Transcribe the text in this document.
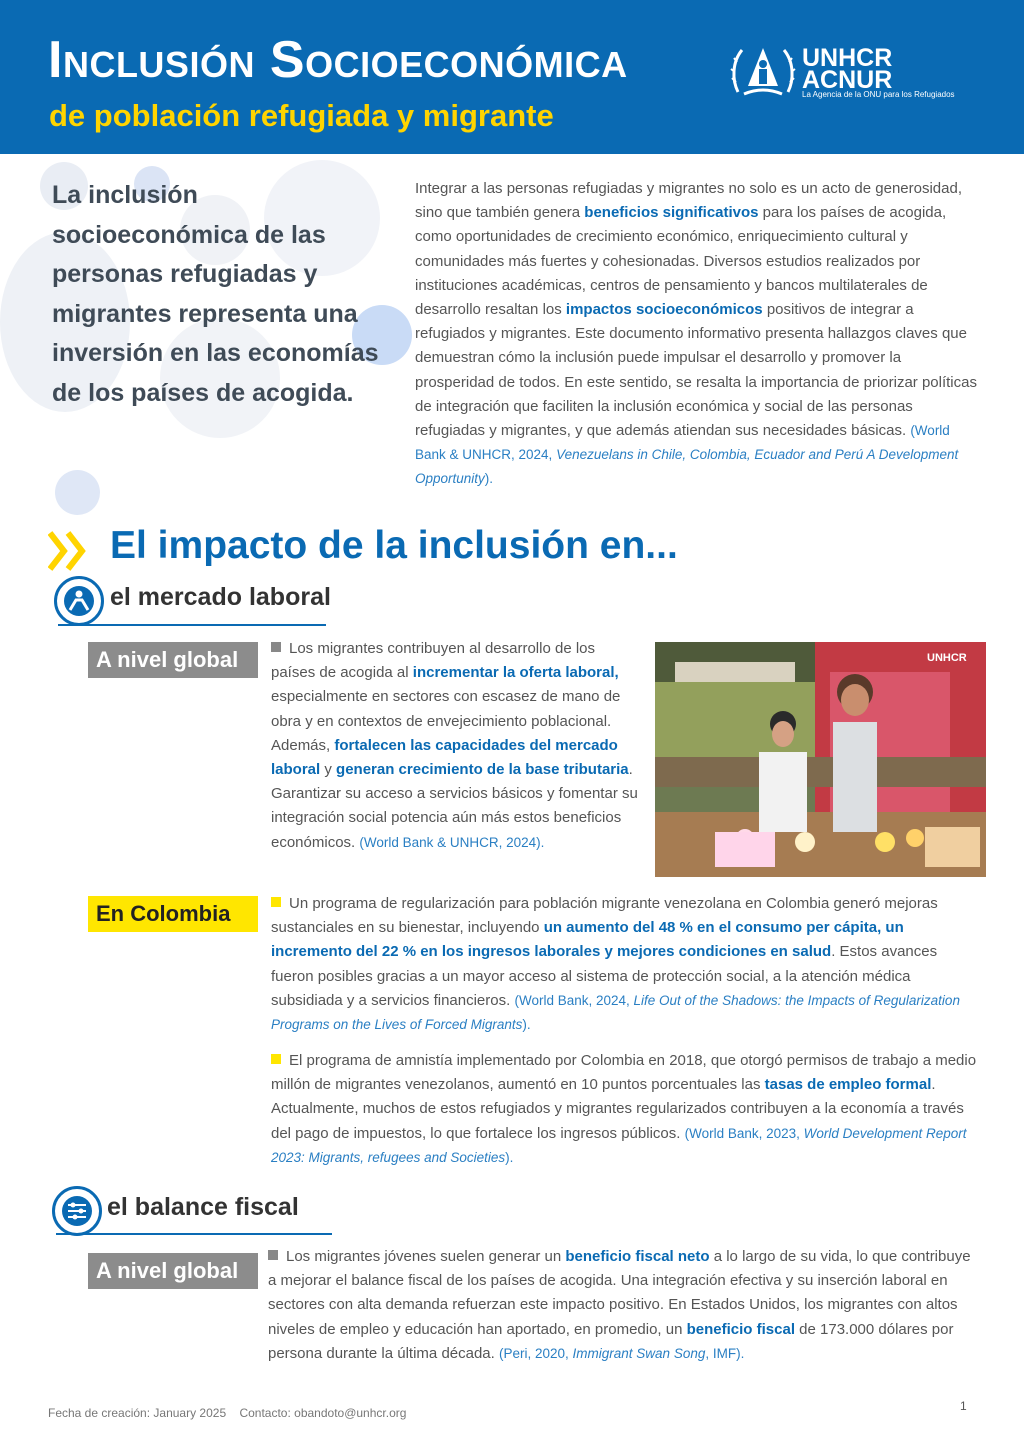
Inclusión Socioeconómica
de población refugiada y migrante
UNHCR
ACNUR
La Agencia de la ONU para los Refugiados
La inclusión socioeconómica de las personas refugiadas y migrantes representa una inversión en las economías de los países de acogida.
Integrar a las personas refugiadas y migrantes no solo es un acto de generosidad, sino que también genera beneficios significativos para los países de acogida, como oportunidades de crecimiento económico, enriquecimiento cultural y comunidades más fuertes y cohesionadas. Diversos estudios realizados por instituciones académicas, centros de pensamiento y bancos multilaterales de desarrollo resaltan los impactos socioeconómicos positivos de integrar a refugiados y migrantes. Este documento informativo presenta hallazgos claves que demuestran cómo la inclusión puede impulsar el desarrollo y promover la prosperidad de todos. En este sentido, se resalta la importancia de priorizar políticas de integración que faciliten la inclusión económica y social de las personas refugiadas y migrantes, y que además atiendan sus necesidades básicas. (World Bank & UNHCR, 2024, Venezuelans in Chile, Colombia, Ecuador and Perú A Development Opportunity).
El impacto de la inclusión en...
el mercado laboral
A nivel global	Los migrantes contribuyen al desarrollo de los países de acogida al incrementar la oferta laboral, especialmente en sectores con escasez de mano de obra y en contextos de envejecimiento poblacional. Además, fortalecen las capacidades del mercado laboral y generan crecimiento de la base tributaria. Garantizar su acceso a servicios básicos y fomentar su integración social potencia aún más estos beneficios económicos. (World Bank & UNHCR, 2024).
UNHCR
En Colombia	Un programa de regularización para población migrante venezolana en Colombia generó mejoras sustanciales en su bienestar, incluyendo un aumento del 48 % en el consumo per cápita, un incremento del 22 % en los ingresos laborales y mejores condiciones en salud. Estos avances fueron posibles gracias a un mayor acceso al sistema de protección social, a la atención médica subsidiada y a servicios financieros. (World Bank, 2024, Life Out of the Shadows: the Impacts of Regularization Programs on the Lives of Forced Migrants).
El programa de amnistía implementado por Colombia en 2018, que otorgó permisos de trabajo a medio millón de migrantes venezolanos, aumentó en 10 puntos porcentuales las tasas de empleo formal. Actualmente, muchos de estos refugiados y migrantes regularizados contribuyen a la economía a través del pago de impuestos, lo que fortalece los ingresos públicos. (World Bank, 2023, World Development Report 2023: Migrants, refugees and Societies).
el balance fiscal
A nivel global
Los migrantes jóvenes suelen generar un beneficio fiscal neto a lo largo de su vida, lo que contribuye a mejorar el balance fiscal de los países de acogida. Una integración efectiva y su inserción laboral en sectores con alta demanda refuerzan este impacto positivo. En Estados Unidos, los migrantes con altos niveles de empleo y educación han aportado, en promedio, un beneficio fiscal de 173.000 dólares por persona durante la última década. (Peri, 2020, Immigrant Swan Song, IMF).
Fecha de creación: January 2025    Contacto: obandoto@unhcr.org	1
